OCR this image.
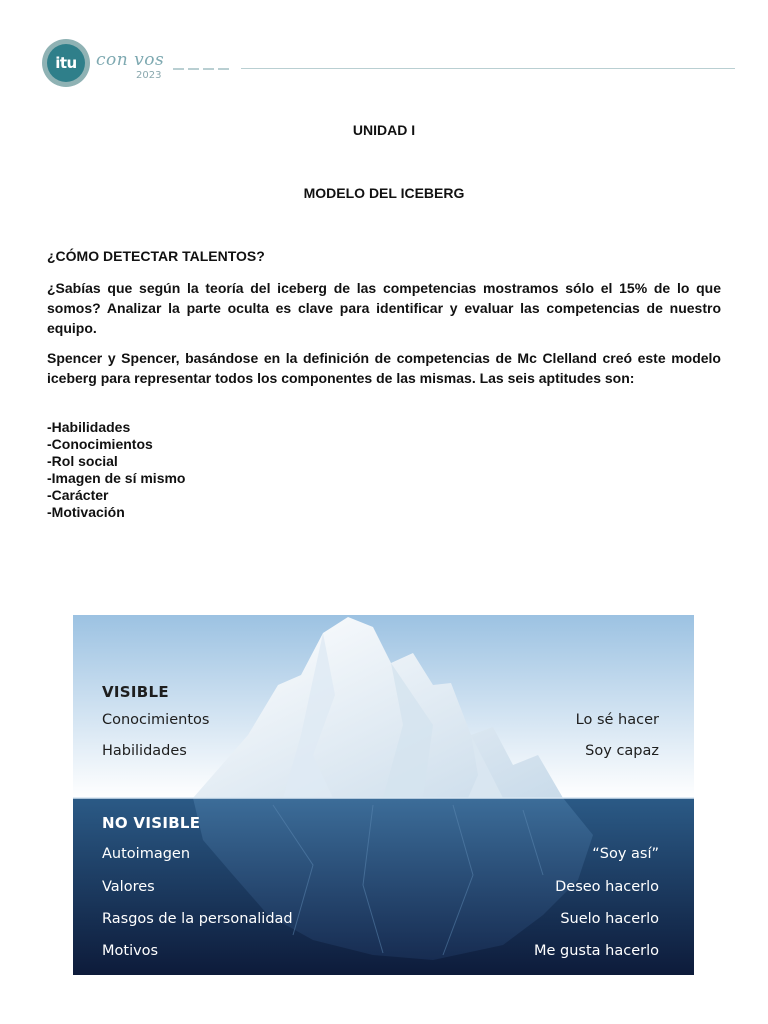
itu	con vos
2023
UNIDAD I
MODELO DEL ICEBERG
¿CÓMO DETECTAR TALENTOS?
¿Sabías que según la teoría del iceberg de las competencias mostramos sólo el 15% de lo que somos? Analizar la parte oculta es clave para identificar y evaluar las competencias de nuestro equipo.
Spencer y Spencer, basándose en la definición de competencias de Mc Clelland creó este modelo iceberg para representar todos los componentes de las mismas. Las seis aptitudes son:
-Habilidades
-Conocimientos
-Rol social
-Imagen de sí mismo
-Carácter
-Motivación
VISIBLE
Conocimientos	Lo sé hacer
Habilidades	Soy capaz
NO VISIBLE
Autoimagen	“Soy así”
Valores	Deseo hacerlo
Rasgos de la personalidad	Suelo hacerlo
Motivos	Me gusta hacerlo
